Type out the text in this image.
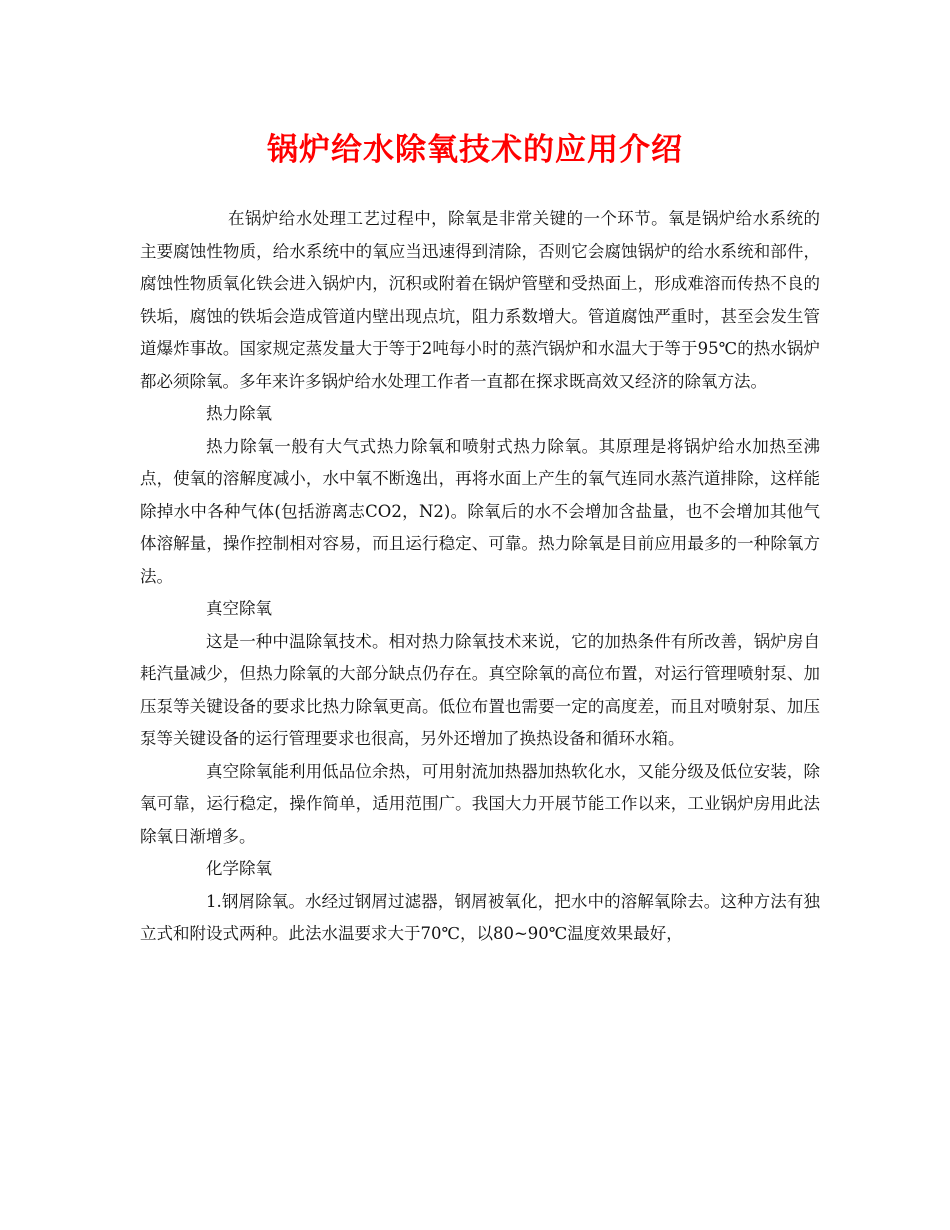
锅炉给水除氧技术的应用介绍

在锅炉给水处理工艺过程中，除氧是非常关键的一个环节。氧是锅炉给水系统的主要腐蚀性物质，给水系统中的氧应当迅速得到清除，否则它会腐蚀锅炉的给水系统和部件，腐蚀性物质氧化铁会进入锅炉内，沉积或附着在锅炉管壁和受热面上，形成难溶而传热不良的铁垢，腐蚀的铁垢会造成管道内壁出现点坑，阻力系数增大。管道腐蚀严重时，甚至会发生管道爆炸事故。国家规定蒸发量大于等于2吨每小时的蒸汽锅炉和水温大于等于95℃的热水锅炉都必须除氧。多年来许多锅炉给水处理工作者一直都在探求既高效又经济的除氧方法。

热力除氧

热力除氧一般有大气式热力除氧和喷射式热力除氧。其原理是将锅炉给水加热至沸点，使氧的溶解度减小，水中氧不断逸出，再将水面上产生的氧气连同水蒸汽道排除，这样能除掉水中各种气体(包括游离志CO2，N2)。除氧后的水不会增加含盐量，也不会增加其他气体溶解量，操作控制相对容易，而且运行稳定、可靠。热力除氧是目前应用最多的一种除氧方法。

真空除氧

这是一种中温除氧技术。相对热力除氧技术来说，它的加热条件有所改善，锅炉房自耗汽量减少，但热力除氧的大部分缺点仍存在。真空除氧的高位布置，对运行管理喷射泵、加压泵等关键设备的要求比热力除氧更高。低位布置也需要一定的高度差，而且对喷射泵、加压泵等关键设备的运行管理要求也很高，另外还增加了换热设备和循环水箱。

真空除氧能利用低品位余热，可用射流加热器加热软化水，又能分级及低位安装，除氧可靠，运行稳定，操作简单，适用范围广。我国大力开展节能工作以来，工业锅炉房用此法除氧日渐增多。

化学除氧

1.钢屑除氧。水经过钢屑过滤器，钢屑被氧化，把水中的溶解氧除去。这种方法有独立式和附设式两种。此法水温要求大于70℃，以80~90℃温度效果最好，
